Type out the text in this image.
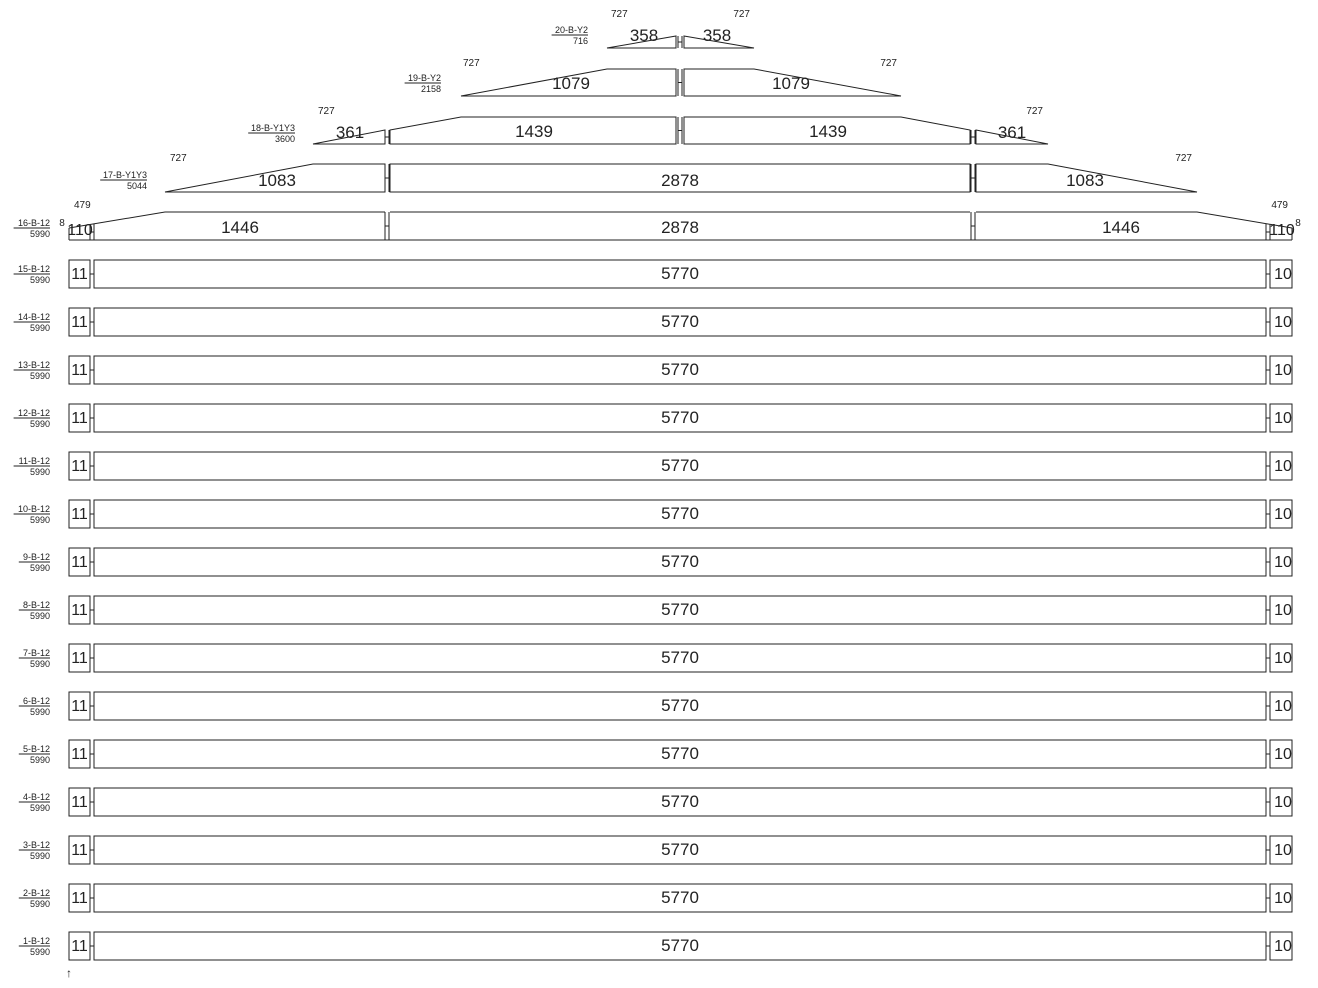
1-B-12
5990 11	5770	10
2-B-12
5990 11	5770	10
3-B-12
5990 11	5770	10
4-B-12
5990 11	5770	10
5-B-12
5990 11	5770	10
6-B-12
5990 11	5770	10
7-B-12
5990 11	5770	10
8-B-12
5990 11	5770	10
9-B-12
5990 11	5770	10
10-B-12
5990 11	5770	10
11-B-12
5990 11	5770	10
12-B-12
5990 11	5770	10
13-B-12
5990 11	5770	10
14-B-12
5990 11	5770	10
15-B-12
5990 11	5770	10
16-B-12
5990
8	8
479	479
110	1446	2878	1446	110
17-B-Y1Y3
5044
727	727
1083	2878	1083
18-B-Y1Y3
3600
727	727
361	1439	1439	361
19-B-Y2
2158
727	727
1079	1079
20-B-Y2
716
727	727
358	358
↑
